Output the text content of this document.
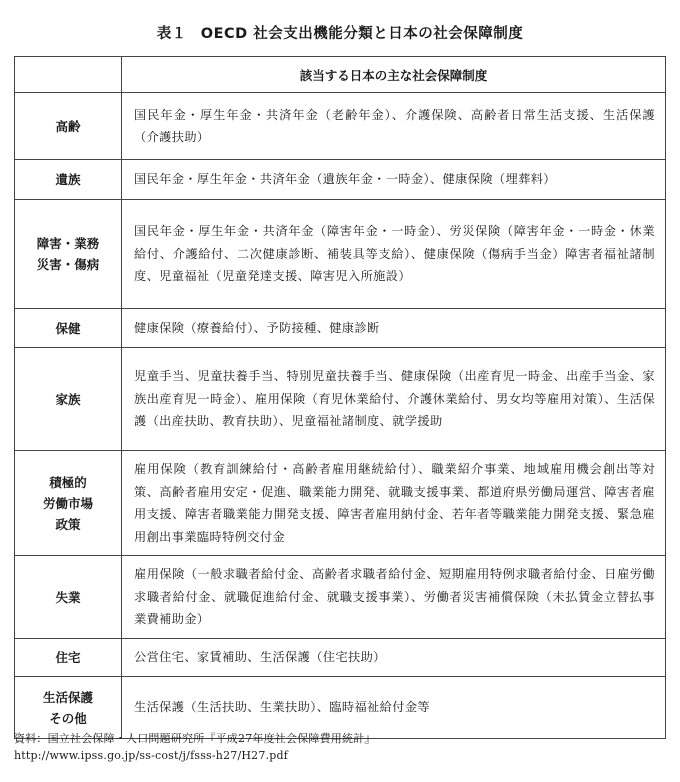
表１ OECD 社会支出機能分類と日本の社会保障制度
	該当する日本の主な社会保障制度

高齢	国民年金・厚生年金・共済年金（老齢年金）、介護保険、高齢者日常生活支援、生活保護（介護扶助）

遺族	国民年金・厚生年金・共済年金（遺族年金・一時金）、健康保険（埋葬料）

障害・業務
災害・傷病	国民年金・厚生年金・共済年金（障害年金・一時金）、労災保険（障害年金・一時金・休業給付、介護給付、二次健康診断、補装具等支給）、健康保険（傷病手当金）障害者福祉諸制度、児童福祉（児童発達支援、障害児入所施設）

保健	健康保険（療養給付）、予防接種、健康診断

家族	児童手当、児童扶養手当、特別児童扶養手当、健康保険（出産育児一時金、出産手当金、家族出産育児一時金）、雇用保険（育児休業給付、介護休業給付、男女均等雇用対策）、生活保護（出産扶助、教育扶助）、児童福祉諸制度、就学援助

積極的
労働市場
政策	雇用保険（教育訓練給付・高齢者雇用継続給付）、職業紹介事業、地域雇用機会創出等対策、高齢者雇用安定・促進、職業能力開発、就職支援事業、都道府県労働局運営、障害者雇用支援、障害者職業能力開発支援、障害者雇用納付金、若年者等職業能力開発支援、緊急雇用創出事業臨時特例交付金

失業	雇用保険（一般求職者給付金、高齢者求職者給付金、短期雇用特例求職者給付金、日雇労働求職者給付金、就職促進給付金、就職支援事業）、労働者災害補償保険（未払賃金立替払事業費補助金）

住宅	公営住宅、家賃補助、生活保護（住宅扶助）

生活保護
その他	生活保護（生活扶助、生業扶助）、臨時福祉給付金等
資料：国立社会保障・人口問題研究所『平成27年度社会保障費用統計』
http://www.ipss.go.jp/ss-cost/j/fsss-h27/H27.pdf
